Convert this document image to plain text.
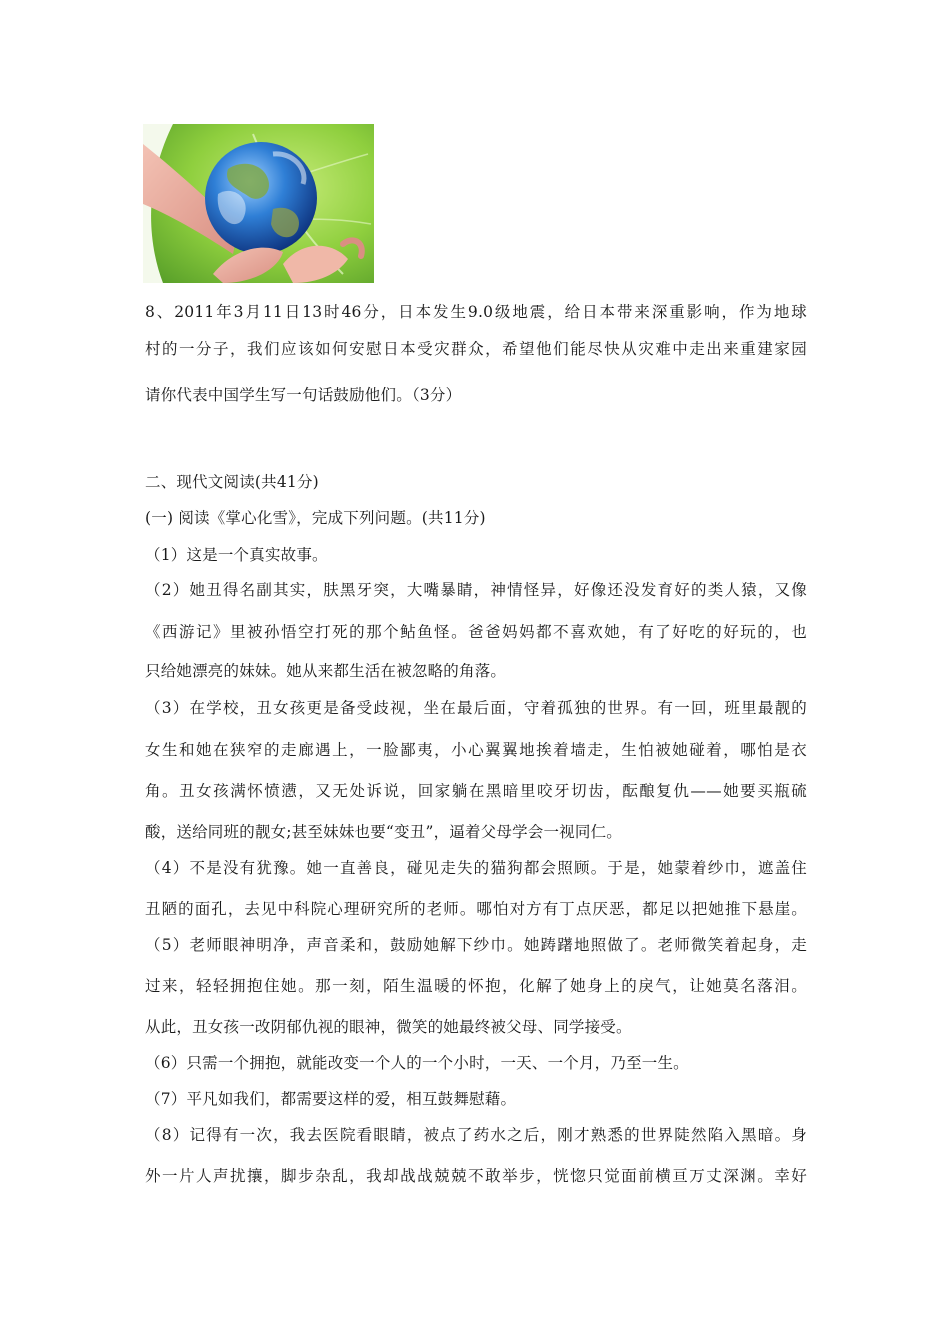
8、2011年3月11日13时46分，日本发生9.0级地震，给日本带来深重影响，作为地球
村的一分子，我们应该如何安慰日本受灾群众，希望他们能尽快从灾难中走出来重建家园
请你代表中国学生写一句话鼓励他们。（3分）
二、现代文阅读(共41分)
(一) 阅读《掌心化雪》，完成下列问题。(共11分)
（1）这是一个真实故事。
（2）她丑得名副其实，肤黑牙突，大嘴暴睛，神情怪异，好像还没发育好的类人猿，又像
《西游记》里被孙悟空打死的那个鲇鱼怪。爸爸妈妈都不喜欢她，有了好吃的好玩的，也
只给她漂亮的妹妹。她从来都生活在被忽略的角落。
（3）在学校，丑女孩更是备受歧视，坐在最后面，守着孤独的世界。有一回，班里最靓的
女生和她在狭窄的走廊遇上，一脸鄙夷，小心翼翼地挨着墙走，生怕被她碰着，哪怕是衣
角。丑女孩满怀愤懑，又无处诉说，回家躺在黑暗里咬牙切齿，酝酿复仇——她要买瓶硫
酸，送给同班的靓女;甚至妹妹也要“变丑”，逼着父母学会一视同仁。
（4）不是没有犹豫。她一直善良，碰见走失的猫狗都会照顾。于是，她蒙着纱巾，遮盖住
丑陋的面孔，去见中科院心理研究所的老师。哪怕对方有丁点厌恶，都足以把她推下悬崖。
（5）老师眼神明净，声音柔和，鼓励她解下纱巾。她踌躇地照做了。老师微笑着起身，走
过来，轻轻拥抱住她。那一刻，陌生温暖的怀抱，化解了她身上的戾气，让她莫名落泪。
从此，丑女孩一改阴郁仇视的眼神，微笑的她最终被父母、同学接受。
（6）只需一个拥抱，就能改变一个人的一个小时，一天、一个月，乃至一生。
（7）平凡如我们，都需要这样的爱，相互鼓舞慰藉。
（8）记得有一次，我去医院看眼睛，被点了药水之后，刚才熟悉的世界陡然陷入黑暗。身
外一片人声扰攘，脚步杂乱，我却战战兢兢不敢举步，恍惚只觉面前横亘万丈深渊。幸好
